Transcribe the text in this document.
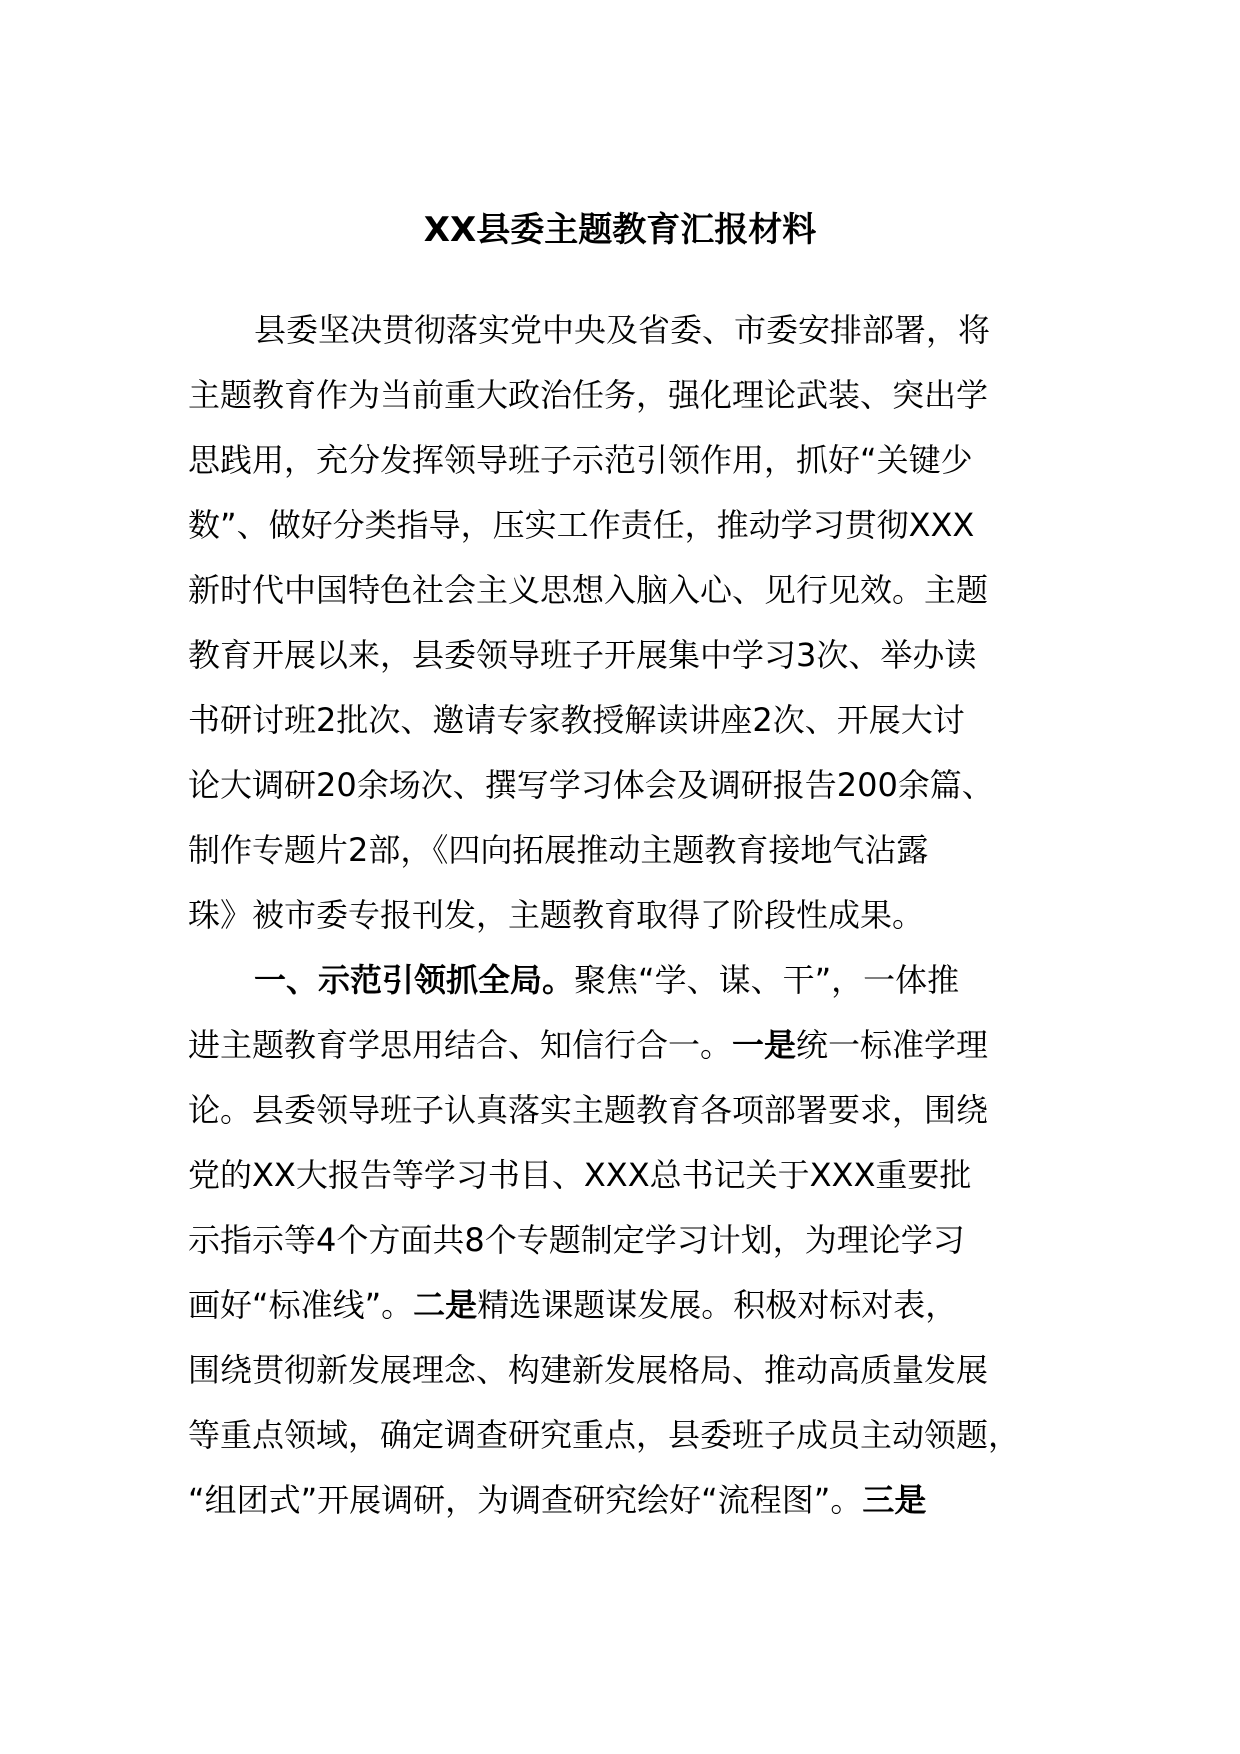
XX县委主题教育汇报材料
县委坚决贯彻落实党中央及省委、市委安排部署，将
主题教育作为当前重大政治任务，强化理论武装、突出学
思践用，充分发挥领导班子示范引领作用，抓好“关键少
数”、做好分类指导，压实工作责任，推动学习贯彻XXX
新时代中国特色社会主义思想入脑入心、见行见效。主题
教育开展以来，县委领导班子开展集中学习3次、举办读
书研讨班2批次、邀请专家教授解读讲座2次、开展大讨
论大调研20余场次、撰写学习体会及调研报告200余篇、
制作专题片2部，《四向拓展推动主题教育接地气沾露
珠》被市委专报刊发，主题教育取得了阶段性成果。
一、示范引领抓全局。聚焦“学、谋、干”，一体推
进主题教育学思用结合、知信行合一。一是统一标准学理
论。县委领导班子认真落实主题教育各项部署要求，围绕
党的XX大报告等学习书目、XXX总书记关于XXX重要批
示指示等4个方面共8个专题制定学习计划，为理论学习
画好“标准线”。二是精选课题谋发展。积极对标对表，
围绕贯彻新发展理念、构建新发展格局、推动高质量发展
等重点领域，确定调查研究重点，县委班子成员主动领题，
“组团式”开展调研，为调查研究绘好“流程图”。三是
